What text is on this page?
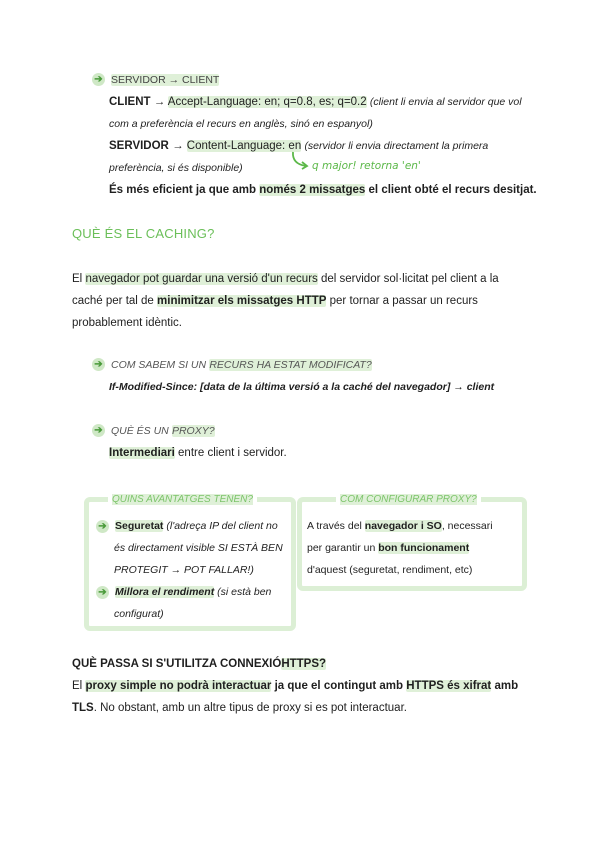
➔ SERVIDOR → CLIENT
CLIENT → Accept-Language: en; q=0.8, es; q=0.2 (client li envia al servidor que vol
com a preferència el recurs en anglès, sinó en espanyol)
SERVIDOR → Content-Language: en (servidor li envia directament la primera
preferència, si és disponible)	q major! retorna 'en'
És més eficient ja que amb només 2 missatges el client obté el recurs desitjat.
QUÈ ÉS EL CACHING?
El navegador pot guardar una versió d'un recurs del servidor sol·licitat pel client a la
caché per tal de minimitzar els missatges HTTP per tornar a passar un recurs
probablement idèntic.
➔ COM SABEM SI UN RECURS HA ESTAT MODIFICAT?
If-Modified-Since: [data de la última versió a la caché del navegador] → client
➔ QUÈ ÉS UN PROXY?
Intermediari entre client i servidor.
QUINS AVANTATGES TENEN?
➔ Seguretat (l'adreça IP del client no
és directament visible SI ESTÀ BEN
PROTEGIT → POT FALLAR!)
➔ Millora el rendiment (si està ben
configurat)
COM CONFIGURAR PROXY?
A través del navegador i SO, necessari
per garantir un bon funcionament
d'aquest (seguretat, rendiment, etc)
QUÈ PASSA SI S'UTILITZA CONNEXIÓHTTPS?
El proxy simple no podrà interactuar ja que el contingut amb HTTPS és xifrat amb
TLS. No obstant, amb un altre tipus de proxy si es pot interactuar.
